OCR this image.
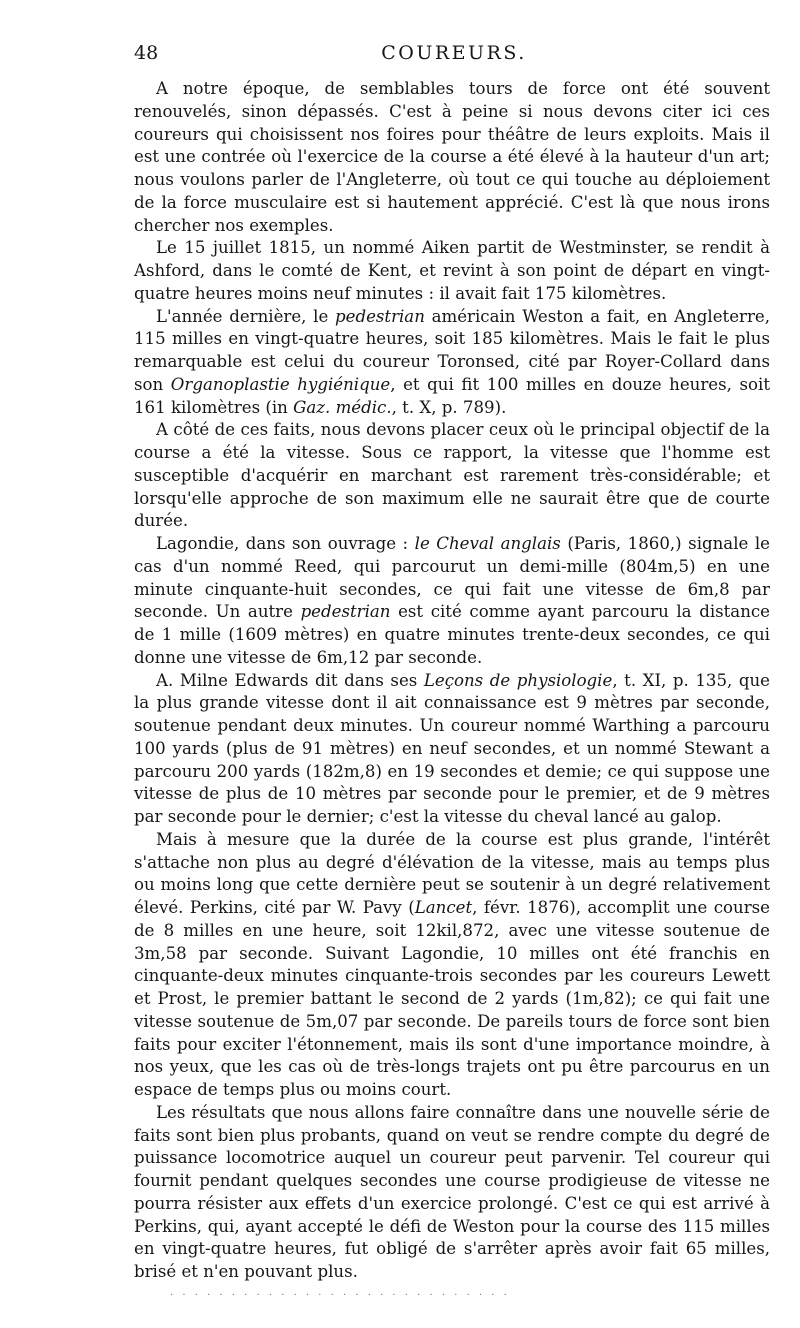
48	COUREURS.

A notre époque, de semblables tours de force ont été souvent renouvelés, sinon dépassés. C'est à peine si nous devons citer ici ces coureurs qui choisissent nos foires pour théâtre de leurs exploits. Mais il est une contrée où l'exercice de la course a été élevé à la hauteur d'un art; nous voulons parler de l'Angleterre, où tout ce qui touche au déploiement de la force musculaire est si hautement apprécié. C'est là que nous irons chercher nos exemples.

Le 15 juillet 1815, un nommé Aiken partit de Westminster, se rendit à Ashford, dans le comté de Kent, et revint à son point de départ en vingt-quatre heures moins neuf minutes : il avait fait 175 kilomètres.

L'année dernière, le pedestrian américain Weston a fait, en Angleterre, 115 milles en vingt-quatre heures, soit 185 kilomètres. Mais le fait le plus remarquable est celui du coureur Toronsed, cité par Royer-Collard dans son Organoplastie hygiénique, et qui fit 100 milles en douze heures, soit 161 kilomètres (in Gaz. médic., t. X, p. 789).

A côté de ces faits, nous devons placer ceux où le principal objectif de la course a été la vitesse. Sous ce rapport, la vitesse que l'homme est susceptible d'acquérir en marchant est rarement très-considérable; et lorsqu'elle approche de son maximum elle ne saurait être que de courte durée.

Lagondie, dans son ouvrage : le Cheval anglais (Paris, 1860,) signale le cas d'un nommé Reed, qui parcourut un demi-mille (804m,5) en une minute cinquante-huit secondes, ce qui fait une vitesse de 6m,8 par seconde. Un autre pedestrian est cité comme ayant parcouru la distance de 1 mille (1609 mètres) en quatre minutes trente-deux secondes, ce qui donne une vitesse de 6m,12 par seconde.

A. Milne Edwards dit dans ses Leçons de physiologie, t. XI, p. 135, que la plus grande vitesse dont il ait connaissance est 9 mètres par seconde, soutenue pendant deux minutes. Un coureur nommé Warthing a parcouru 100 yards (plus de 91 mètres) en neuf secondes, et un nommé Stewant a parcouru 200 yards (182m,8) en 19 secondes et demie; ce qui suppose une vitesse de plus de 10 mètres par seconde pour le premier, et de 9 mètres par seconde pour le dernier; c'est la vitesse du cheval lancé au galop.

Mais à mesure que la durée de la course est plus grande, l'intérêt s'attache non plus au degré d'élévation de la vitesse, mais au temps plus ou moins long que cette dernière peut se soutenir à un degré relativement élevé. Perkins, cité par W. Pavy (Lancet, févr. 1876), accomplit une course de 8 milles en une heure, soit 12kil,872, avec une vitesse soutenue de 3m,58 par seconde. Suivant Lagondie, 10 milles ont été franchis en cinquante-deux minutes cinquante-trois secondes par les coureurs Lewett et Prost, le premier battant le second de 2 yards (1m,82); ce qui fait une vitesse soutenue de 5m,07 par seconde. De pareils tours de force sont bien faits pour exciter l'étonnement, mais ils sont d'une importance moindre, à nos yeux, que les cas où de très-longs trajets ont pu être parcourus en un espace de temps plus ou moins court.

Les résultats que nous allons faire connaître dans une nouvelle série de faits sont bien plus probants, quand on veut se rendre compte du degré de puissance locomotrice auquel un coureur peut parvenir. Tel coureur qui fournit pendant quelques secondes une course prodigieuse de vitesse ne pourra résister aux effets d'un exercice prolongé. C'est ce qui est arrivé à Perkins, qui, ayant accepté le défi de Weston pour la course des 115 milles en vingt-quatre heures, fut obligé de s'arrêter après avoir fait 65 milles, brisé et n'en pouvant plus.

· · · · · · · · · · · · · · · · · · · · · · · · · · · ·
